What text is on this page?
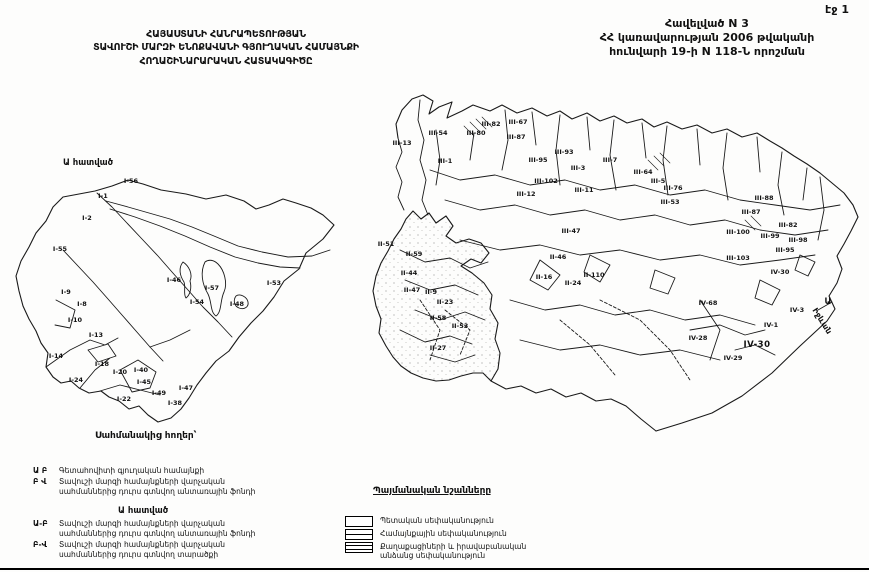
էջ 1
Հավելված N 3
ՀՀ կառավարության 2006 թվականի
հունվարի 19-ի N 118-Ն որոշման
ՀԱՅԱՍՏԱՆԻ ՀԱՆՐԱՊԵՏՈՒԹՅԱՆ
ՏԱՎՈՒՇԻ ՄԱՐԶԻ ԵՆՈՔԱՎԱՆԻ ԳՅՈՒՂԱԿԱՆ ՀԱՄԱՅՆՔԻ
ՀՈՂԱՇԻՆԱՐԱՐԱԿԱՆ ՀԱՏԱԿԱԳԻԾԸ
Ա հատված
I-56
I-1
I-2
I-55
I-9
I-8
I-10
I-46
I-57
I-54	I-48
I-53
I-13
I-14
I-18
I-24
I-20 I-40
I-45
I-22
I-49
I-38
I-47
II-51
II-59
II-44
II-47 II-9
II-23
II-58
II-53
II-27
II-46
II-16
II-24
II-110
III-13
III-54	III-80
III-82 III-67
III-87
III-1	III-95
III-102
III-12
III-93
III-3
III-7
III-11
III-64
III-5
III-76
III-53
III-47
III-88
III-87
III-100 III-99
III-82
III-98
III-95
III-103
IV-68
IV-30
IV-3
IV-1
IV-28
IV-29
IV-30
Ա
Իջևան
Սահմանակից հողեր՝
Ա Բ	Գետահովիտի գյուղական համայնքի
Բ Վ	Տավուշի մարզի համայնքների վարչական սահմաններից դուրս գտնվող անտառային ֆոնդի
Ա հատված
Ա-Բ	Տավուշի մարզի համայնքների վարչական սահմաններից դուրս գտնվող անտառային ֆոնդի
Բ-Վ	Տավուշի մարզի համայնքների վարչական սահմաններից դուրս գտնվող տարածքի
Պայմանական նշանները
Պետական սեփականություն
Համայնքային սեփականություն
Քաղաքացիների և իրավաբանական անձանց սեփականություն
